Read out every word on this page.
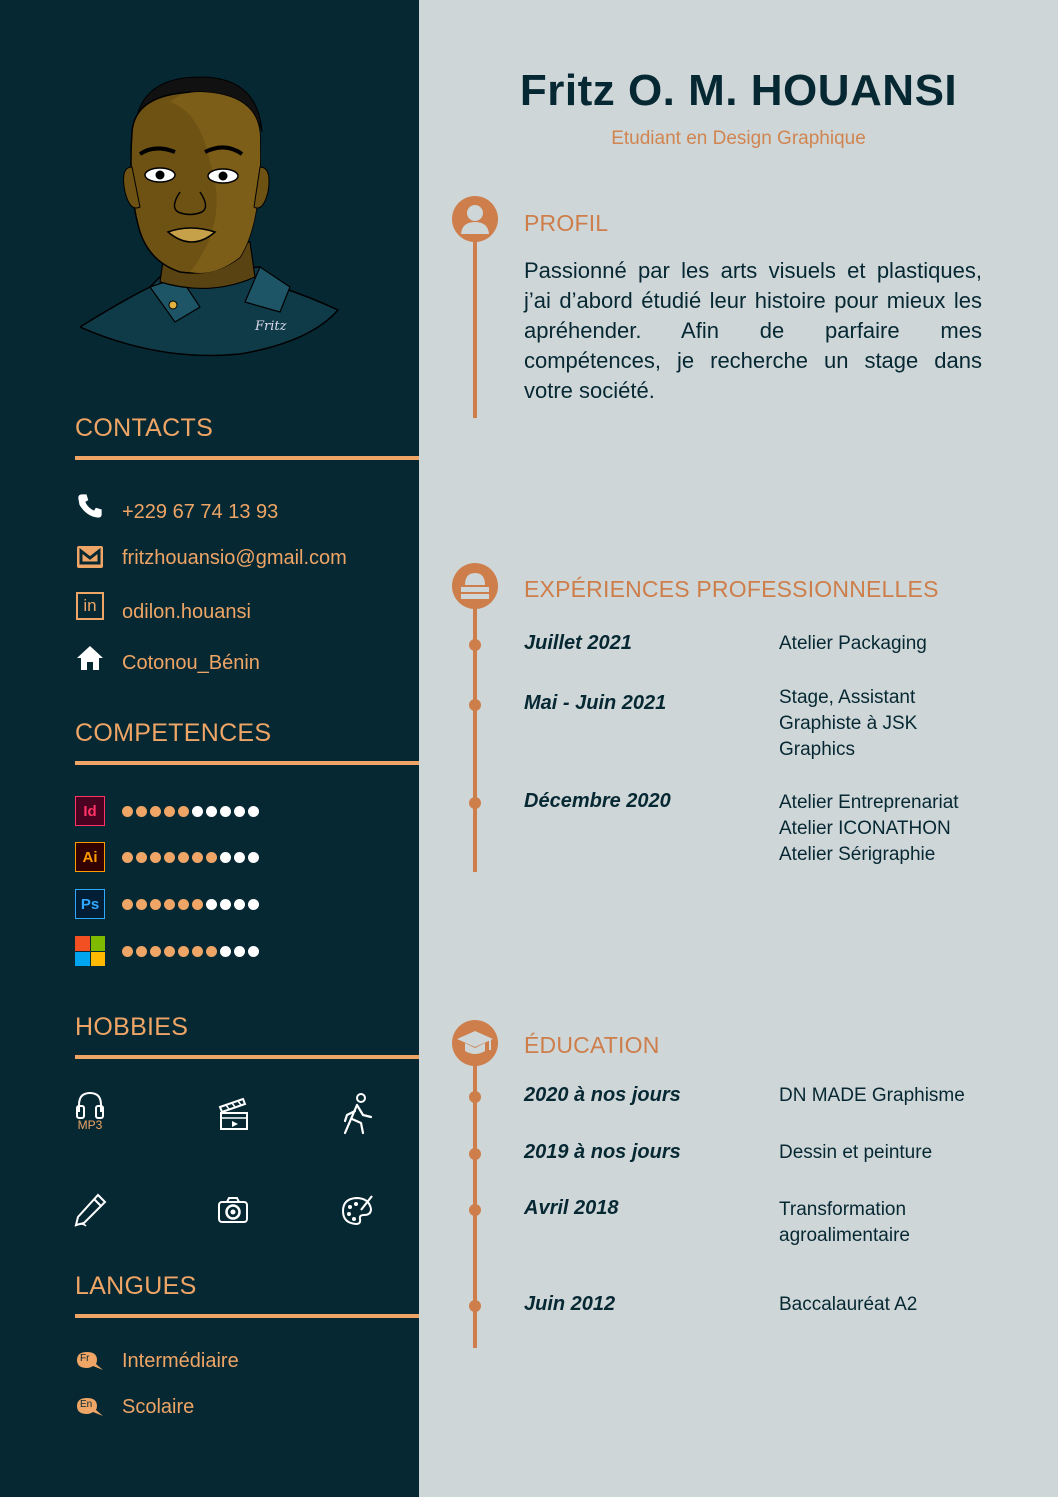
Fritz
CONTACTS
+229 67 74 13 93
fritzhouansio@gmail.com
in	odilon.houansi
Cotonou_Bénin
COMPETENCES
Id
Ai
Ps
HOBBIES
MP3
LANGUES
Fr Intermédiaire
En Scolaire
Fritz O. M. HOUANSI
Etudiant en Design Graphique
PROFIL

Passionné par les arts visuels et plastiques, j’ai d’abord étudié leur histoire pour mieux les apréhender. Afin de parfaire mes compétences, je recherche un stage dans votre société.

EXPÉRIENCES PROFESSIONNELLES
Juillet 2021	Atelier Packaging
Mai - Juin 2021	Stage, Assistant
Graphiste à JSK
Graphics
Décembre 2020	Atelier Entreprenariat
Atelier ICONATHON
Atelier Sérigraphie
ÉDUCATION
2020 à nos jours	DN MADE Graphisme
2019 à nos jours	Dessin et peinture
Avril 2018	Transformation
agroalimentaire
Juin 2012	Baccalauréat A2
